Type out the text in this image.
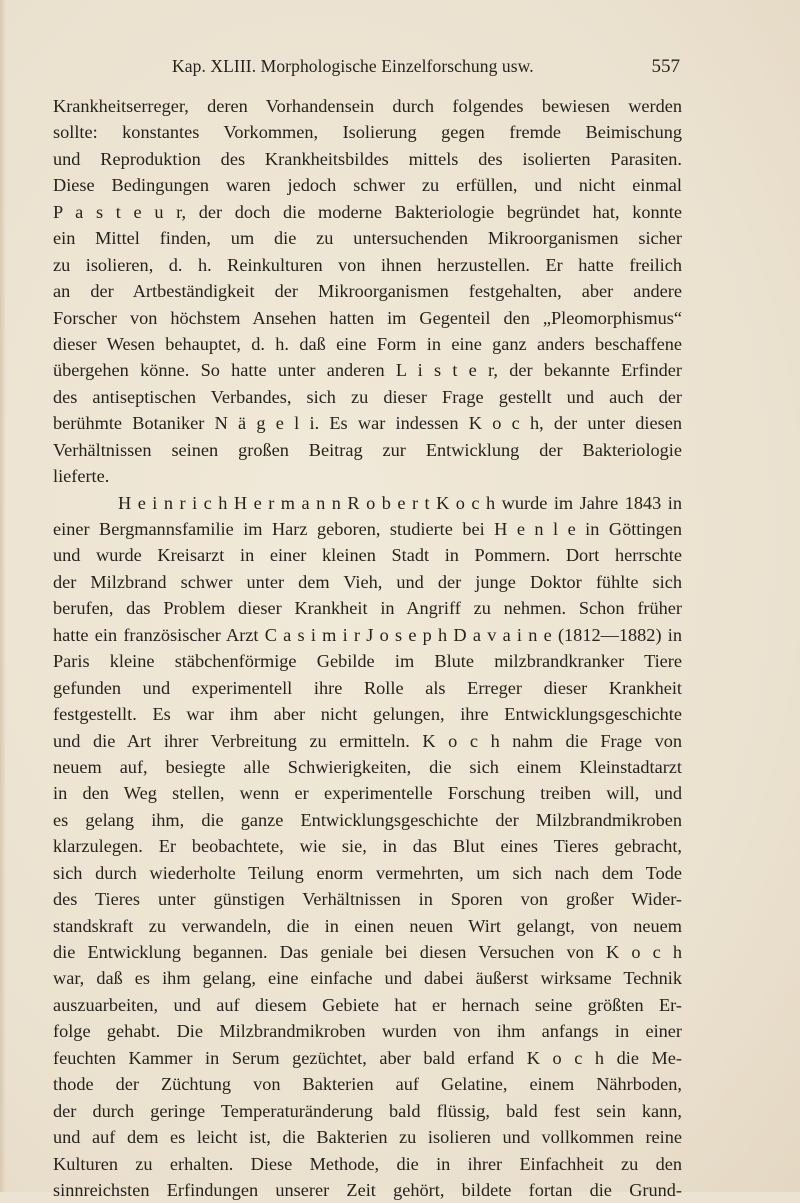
Kap. XLIII. Morphologische Einzelforschung usw.	557
Krankheitserreger, deren Vorhandensein durch folgendes bewiesen werden
sollte: konstantes Vorkommen, Isolierung gegen fremde Beimischung
und Reproduktion des Krankheitsbildes mittels des isolierten Parasiten.
Diese Bedingungen waren jedoch schwer zu erfüllen, und nicht einmal
P a s t e u r, der doch die moderne Bakteriologie begründet hat, konnte
ein Mittel finden, um die zu untersuchenden Mikroorganismen sicher
zu isolieren, d. h. Reinkulturen von ihnen herzustellen. Er hatte freilich
an der Artbeständigkeit der Mikroorganismen festgehalten, aber andere
Forscher von höchstem Ansehen hatten im Gegenteil den „Pleomorphismus“
dieser Wesen behauptet, d. h. daß eine Form in eine ganz anders beschaffene
übergehen könne. So hatte unter anderen L i s t e r, der bekannte Erfinder
des antiseptischen Verbandes, sich zu dieser Frage gestellt und auch der
berühmte Botaniker N ä g e l i. Es war indessen K o c h, der unter diesen
Verhältnissen seinen großen Beitrag zur Entwicklung der Bakteriologie
lieferte.
H e i n r i c h H e r m a n n R o b e r t K o c h wurde im Jahre 1843 in
einer Bergmannsfamilie im Harz geboren, studierte bei H e n l e in Göttingen
und wurde Kreisarzt in einer kleinen Stadt in Pommern. Dort herrschte
der Milzbrand schwer unter dem Vieh, und der junge Doktor fühlte sich
berufen, das Problem dieser Krankheit in Angriff zu nehmen. Schon früher
hatte ein französischer Arzt C a s i m i r J o s e p h D a v a i n e (1812—1882) in
Paris kleine stäbchenförmige Gebilde im Blute milzbrandkranker Tiere
gefunden und experimentell ihre Rolle als Erreger dieser Krankheit
festgestellt. Es war ihm aber nicht gelungen, ihre Entwicklungsgeschichte
und die Art ihrer Verbreitung zu ermitteln. K o c h nahm die Frage von
neuem auf, besiegte alle Schwierigkeiten, die sich einem Kleinstadtarzt
in den Weg stellen, wenn er experimentelle Forschung treiben will, und
es gelang ihm, die ganze Entwicklungsgeschichte der Milzbrandmikroben
klarzulegen. Er beobachtete, wie sie, in das Blut eines Tieres gebracht,
sich durch wiederholte Teilung enorm vermehrten, um sich nach dem Tode
des Tieres unter günstigen Verhältnissen in Sporen von großer Wider-
standskraft zu verwandeln, die in einen neuen Wirt gelangt, von neuem
die Entwicklung begannen. Das geniale bei diesen Versuchen von K o c h
war, daß es ihm gelang, eine einfache und dabei äußerst wirksame Technik
auszuarbeiten, und auf diesem Gebiete hat er hernach seine größten Er-
folge gehabt. Die Milzbrandmikroben wurden von ihm anfangs in einer
feuchten Kammer in Serum gezüchtet, aber bald erfand K o c h die Me-
thode der Züchtung von Bakterien auf Gelatine, einem Nährboden,
der durch geringe Temperaturänderung bald flüssig, bald fest sein kann,
und auf dem es leicht ist, die Bakterien zu isolieren und vollkommen reine
Kulturen zu erhalten. Diese Methode, die in ihrer Einfachheit zu den
sinnreichsten Erfindungen unserer Zeit gehört, bildete fortan die Grund-
